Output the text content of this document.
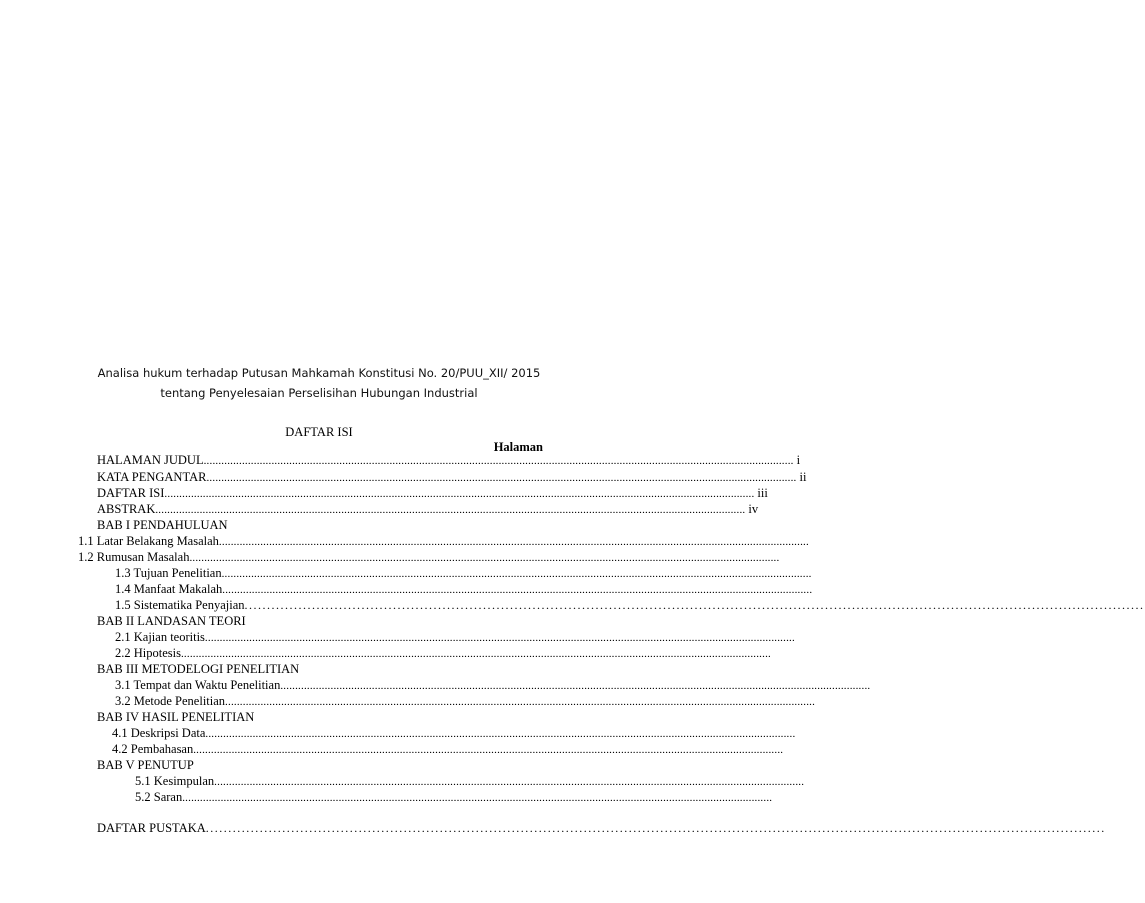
Analisa hukum terhadap Putusan Mahkamah Konstitusi No. 20/PUU_XII/ 2015
tentang Penyelesaian Perselisihan Hubungan Industrial
DAFTAR ISI
Halaman
HALAMAN JUDUL ........................................................................................................................................................................................................ i
KATA PENGANTAR ........................................................................................................................................................................................................ ii
DAFTAR ISI ........................................................................................................................................................................................................ iii
ABSTRAK ........................................................................................................................................................................................................ iv
BAB I PENDAHULUAN
1.1 Latar Belakang Masalah ........................................................................................................................................................................................................
1.2 Rumusan Masalah ........................................................................................................................................................................................................
1.3 Tujuan Penelitian ........................................................................................................................................................................................................
1.4 Manfaat Makalah ........................................................................................................................................................................................................
1.5 Sistematika Penyajian ........................................................................................................................................................................................................
BAB II LANDASAN TEORI
2.1 Kajian teoritis ........................................................................................................................................................................................................
2.2 Hipotesis ........................................................................................................................................................................................................
BAB III METODELOGI PENELITIAN
3.1 Tempat dan Waktu Penelitian ........................................................................................................................................................................................................
3.2 Metode Penelitian ........................................................................................................................................................................................................
BAB IV HASIL PENELITIAN
4.1 Deskripsi Data ........................................................................................................................................................................................................
4.2 Pembahasan ........................................................................................................................................................................................................
BAB V PENUTUP
5.1 Kesimpulan ........................................................................................................................................................................................................
5.2 Saran ........................................................................................................................................................................................................
DAFTAR PUSTAKA ........................................................................................................................................................................................................
